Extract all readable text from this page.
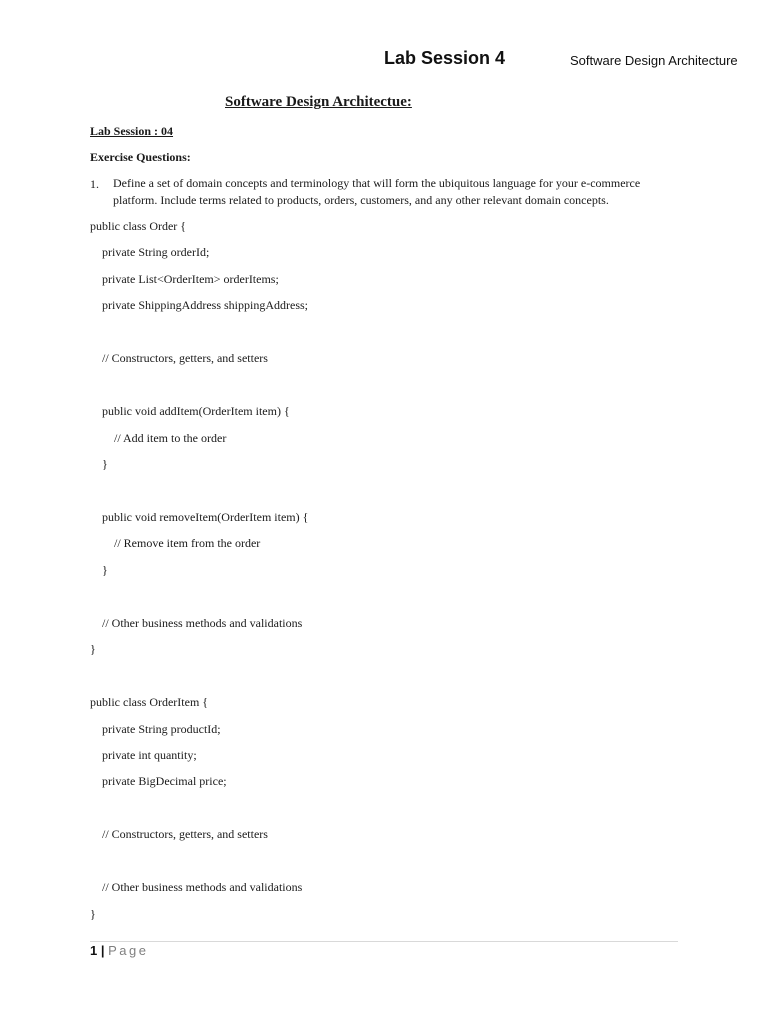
Lab Session 4	Software Design Architecture
Software Design Architectue:
Lab Session : 04
Exercise Questions:
1. Define a set of domain concepts and terminology that will form the ubiquitous language for your e-commerce platform. Include terms related to products, orders, customers, and any other relevant domain concepts.
public class Order {
private String orderId;
private List<OrderItem> orderItems;
private ShippingAddress shippingAddress;
// Constructors, getters, and setters
public void addItem(OrderItem item) {
// Add item to the order
}
public void removeItem(OrderItem item) {
// Remove item from the order
}
// Other business methods and validations
}
public class OrderItem {
private String productId;
private int quantity;
private BigDecimal price;
// Constructors, getters, and setters
// Other business methods and validations
}
1 | Page
